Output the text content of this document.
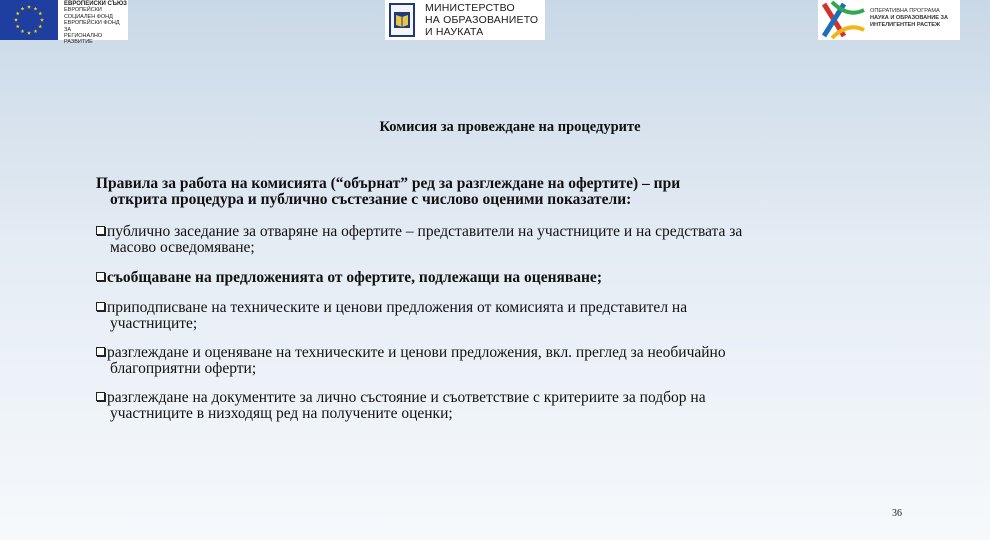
ЕВРОПЕЙСКИ СЪЮЗ
ЕВРОПЕЙСКИ
СОЦИАЛЕН ФОНД
ЕВРОПЕЙСКИ ФОНД ЗА
РЕГИОНАЛНО РАЗВИТИЕ
МИНИСТЕРСТВО
НА ОБРАЗОВАНИЕТО
И НАУКАТА
ОПЕРАТИВНА ПРОГРАМА
НАУКА И ОБРАЗОВАНИЕ ЗА
ИНТЕЛИГЕНТЕН РАСТЕЖ
Комисия за провеждане на процедурите
Правила за работа на комисията (“обърнат” ред за разглеждане на офертите) – при
открита процедура и публично състезание с числово оценими показатели:
публично заседание за отваряне на офертите – представители на участниците и на средствата за
масово осведомяване;
съобщаване на предложенията от офертите, подлежащи на оценяване;
приподписване на техническите и ценови предложения от комисията и представител на
участниците;
разглеждане и оценяване на техническите и ценови предложения, вкл. преглед за необичайно
благоприятни оферти;
разглеждане на документите за лично състояние и съответствие с критериите за подбор на
участниците в низходящ ред на получените оценки;
36
